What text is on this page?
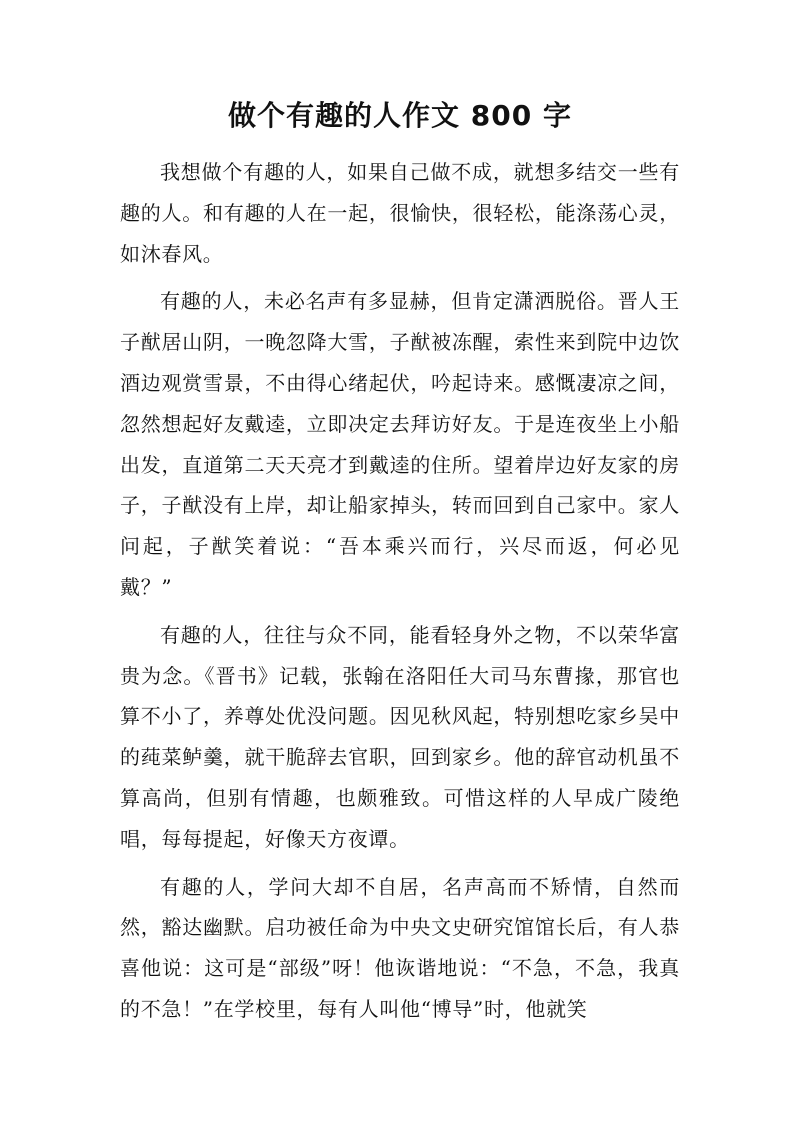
做个有趣的人作文 800 字

我想做个有趣的人，如果自己做不成，就想多结交一些有趣的人。和有趣的人在一起，很愉快，很轻松，能涤荡心灵，如沐春风。

有趣的人，未必名声有多显赫，但肯定潇洒脱俗。晋人王子猷居山阴，一晚忽降大雪，子猷被冻醒，索性来到院中边饮酒边观赏雪景，不由得心绪起伏，吟起诗来。感慨凄凉之间，忽然想起好友戴逵，立即决定去拜访好友。于是连夜坐上小船出发，直道第二天天亮才到戴逵的住所。望着岸边好友家的房子，子猷没有上岸，却让船家掉头，转而回到自己家中。家人问起，子猷笑着说：“吾本乘兴而行，兴尽而返，何必见戴？”

有趣的人，往往与众不同，能看轻身外之物，不以荣华富贵为念。《晋书》记载，张翰在洛阳任大司马东曹掾，那官也算不小了，养尊处优没问题。因见秋风起，特别想吃家乡吴中的莼菜鲈羹，就干脆辞去官职，回到家乡。他的辞官动机虽不算高尚，但别有情趣，也颇雅致。可惜这样的人早成广陵绝唱，每每提起，好像天方夜谭。

有趣的人，学问大却不自居，名声高而不矫情，自然而然，豁达幽默。启功被任命为中央文史研究馆馆长后，有人恭喜他说：这可是“部级”呀！他诙谐地说：“不急，不急，我真的不急！”在学校里，每有人叫他“博导”时，他就笑
